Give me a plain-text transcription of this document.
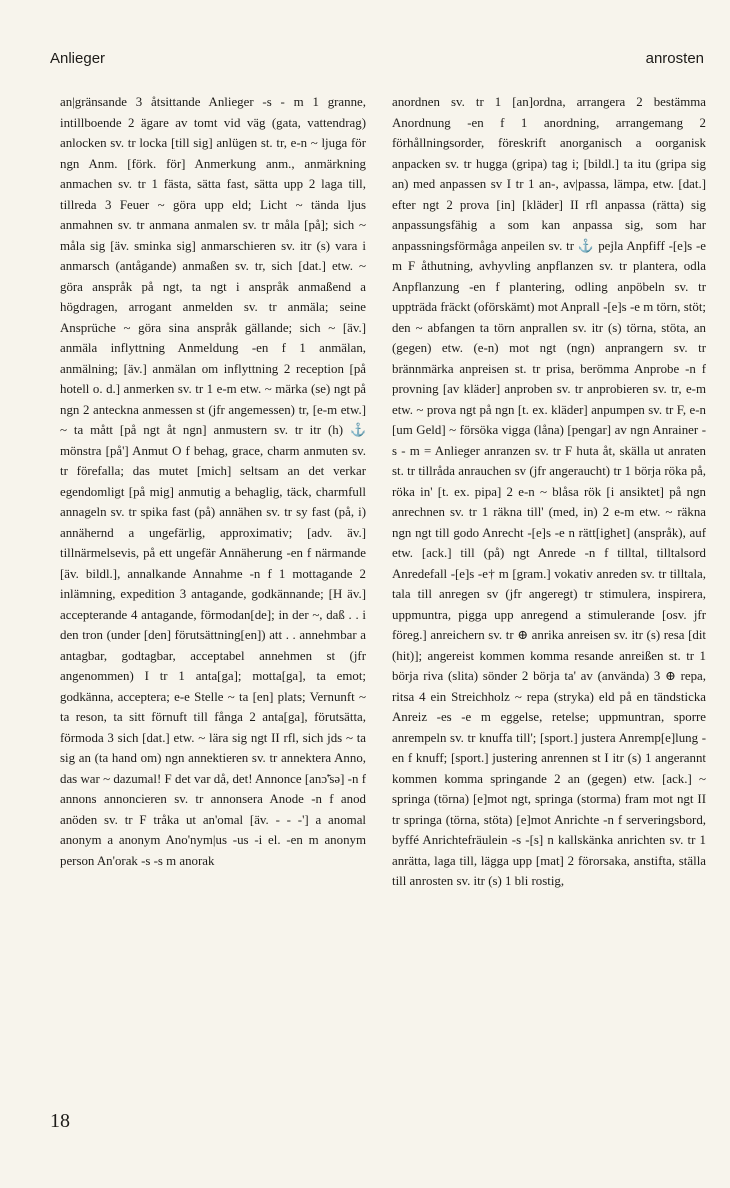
Anlieger	anrosten

an|gränsande 3 åtsittande Anlieger -s - m 1 granne, intillboende 2 ägare av tomt vid väg (gata, vattendrag) anlocken sv. tr locka [till sig] anlügen st. tr, e-n ~ ljuga för ngn Anm. [förk. för] Anmerkung anm., anmärkning anmachen sv. tr 1 fästa, sätta fast, sätta upp 2 laga till, tillreda 3 Feuer ~ göra upp eld; Licht ~ tända ljus anmahnen sv. tr anmana anmalen sv. tr måla [på]; sich ~ måla sig [äv. sminka sig] anmarschieren sv. itr (s) vara i anmarsch (antågande) anmaßen sv. tr, sich [dat.] etw. ~ göra anspråk på ngt, ta ngt i anspråk anmaßend a högdragen, arrogant anmelden sv. tr anmäla; seine Ansprüche ~ göra sina anspråk gällande; sich ~ [äv.] anmäla inflyttning Anmeldung -en f 1 anmälan, anmälning; [äv.] anmälan om inflyttning 2 reception [på hotell o. d.] anmerken sv. tr 1 e-m etw. ~ märka (se) ngt på ngn 2 anteckna anmessen st (jfr angemessen) tr, [e-m etw.] ~ ta mått [på ngt åt ngn] anmustern sv. tr itr (h) ⚓ mönstra [på'] Anmut O f behag, grace, charm anmuten sv. tr förefalla; das mutet [mich] seltsam an det verkar egendomligt [på mig] anmutig a behaglig, täck, charmfull annageln sv. tr spika fast (på) annähen sv. tr sy fast (på, i) annähernd a ungefärlig, approximativ; [adv. äv.] tillnärmelsevis, på ett ungefär Annäherung -en f närmande [äv. bildl.], annalkande Annahme -n f 1 mottagande 2 inlämning, expedition 3 antagande, godkännande; [H äv.] accepterande 4 antagande, förmodan[de]; in der ~, daß . . i den tron (under [den] förutsättning[en]) att . . annehmbar a antagbar, godtagbar, acceptabel annehmen st (jfr angenommen) I tr 1 anta[ga]; motta[ga], ta emot; godkänna, acceptera; e-e Stelle ~ ta [en] plats; Vernunft ~ ta reson, ta sitt förnuft till fånga 2 anta[ga], förutsätta, förmoda 3 sich [dat.] etw. ~ lära sig ngt II rfl, sich jds ~ ta sig an (ta hand om) ngn annektieren sv. tr annektera Anno, das war ~ dazumal! F det var då, det! Annonce [anɔ̃'sə] -n f annons annoncieren sv. tr annonsera Anode -n f anod anöden sv. tr F tråka ut an'omal [äv. - - -'] a anomal anonym a anonym Ano'nym|us -us -i el. -en m anonym person An'orak -s -s m anorak

anordnen sv. tr 1 [an]ordna, arrangera 2 bestämma Anordnung -en f 1 anordning, arrangemang 2 förhållningsorder, föreskrift anorganisch a oorganisk anpacken sv. tr hugga (gripa) tag i; [bildl.] ta itu (gripa sig an) med anpassen sv I tr 1 an-, av|passa, lämpa, etw. [dat.] efter ngt 2 prova [in] [kläder] II rfl anpassa (rätta) sig anpassungsfähig a som kan anpassa sig, som har anpassningsförmåga anpeilen sv. tr ⚓ pejla Anpfiff -[e]s -e m F åthutning, avhyvling anpflanzen sv. tr plantera, odla Anpflanzung -en f plantering, odling anpöbeln sv. tr uppträda fräckt (oförskämt) mot Anprall -[e]s -e m törn, stöt; den ~ abfangen ta törn anprallen sv. itr (s) törna, stöta, an (gegen) etw. (e-n) mot ngt (ngn) anprangern sv. tr brännmärka anpreisen st. tr prisa, berömma Anprobe -n f provning [av kläder] anproben sv. tr anprobieren sv. tr, e-m etw. ~ prova ngt på ngn [t. ex. kläder] anpumpen sv. tr F, e-n [um Geld] ~ försöka vigga (låna) [pengar] av ngn Anrainer -s - m = Anlieger anranzen sv. tr F huta åt, skälla ut anraten st. tr tillråda anrauchen sv (jfr angeraucht) tr 1 börja röka på, röka in' [t. ex. pipa] 2 e-n ~ blåsa rök [i ansiktet] på ngn anrechnen sv. tr 1 räkna till' (med, in) 2 e-m etw. ~ räkna ngn ngt till godo Anrecht -[e]s -e n rätt[ighet] (anspråk), auf etw. [ack.] till (på) ngt Anrede -n f tilltal, tilltalsord Anredefall -[e]s -e† m [gram.] vokativ anreden sv. tr tilltala, tala till anregen sv (jfr angeregt) tr stimulera, inspirera, uppmuntra, pigga upp anregend a stimulerande [osv. jfr föreg.] anreichern sv. tr ⊕ anrika anreisen sv. itr (s) resa [dit (hit)]; angereist kommen komma resande anreißen st. tr 1 börja riva (slita) sönder 2 börja ta' av (använda) 3 ⊕ repa, ritsa 4 ein Streichholz ~ repa (stryka) eld på en tändsticka Anreiz -es -e m eggelse, retelse; uppmuntran, sporre anrempeln sv. tr knuffa till'; [sport.] justera Anremp[e]lung -en f knuff; [sport.] justering anrennen st I itr (s) 1 angerannt kommen komma springande 2 an (gegen) etw. [ack.] ~ springa (törna) [e]mot ngt, springa (storma) fram mot ngt II tr springa (törna, stöta) [e]mot Anrichte -n f serveringsbord, byffé Anrichtefräulein -s -[s] n kallskänka anrichten sv. tr 1 anrätta, laga till, lägga upp [mat] 2 förorsaka, anstifta, ställa till anrosten sv. itr (s) 1 bli rostig,

18
